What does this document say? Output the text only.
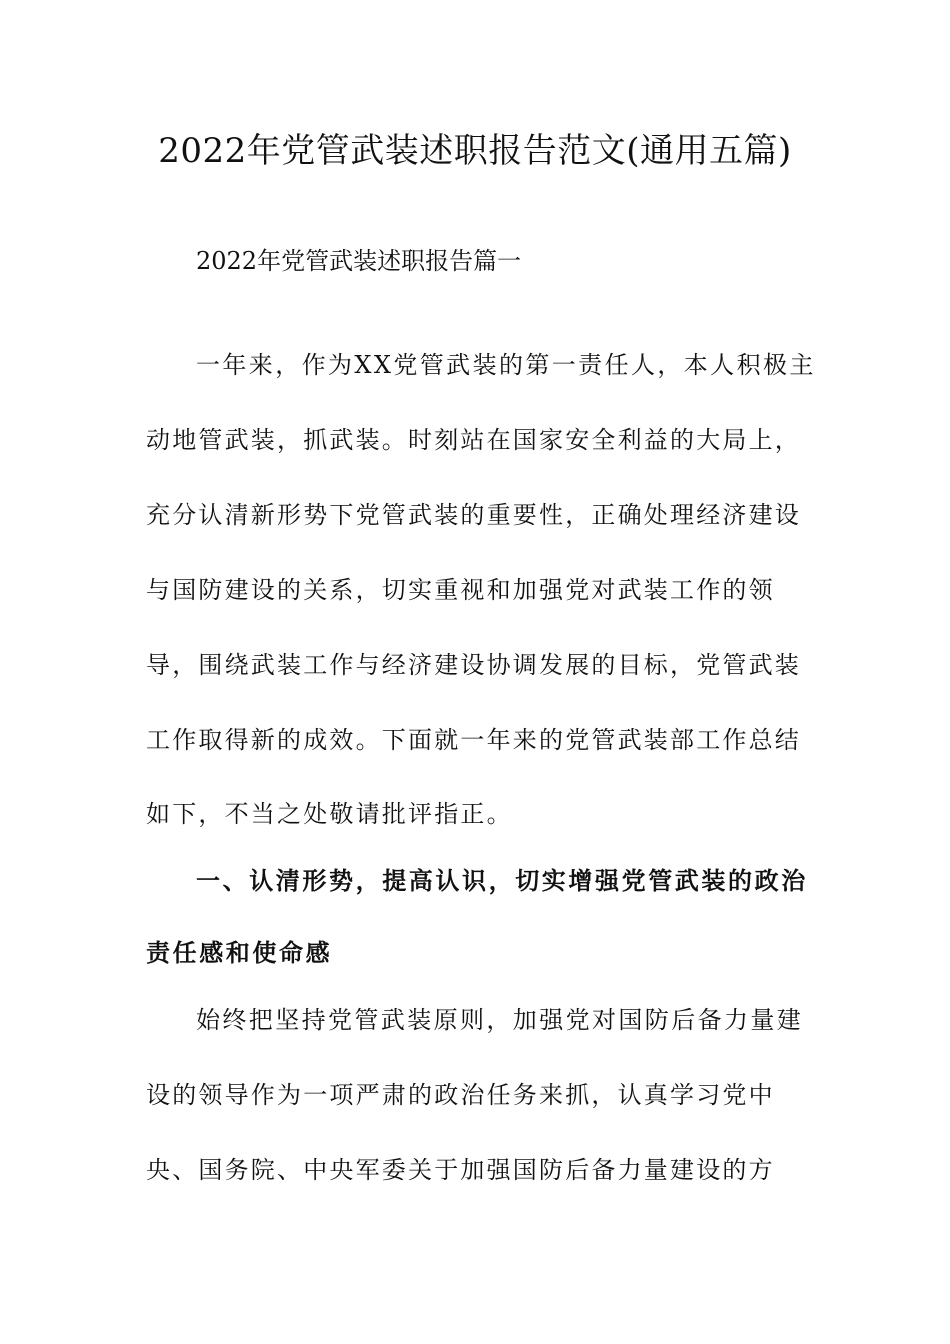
2022年党管武装述职报告范文(通用五篇)
2022年党管武装述职报告篇一

一年来，作为XX党管武装的第一责任人，本人积极主

动地管武装，抓武装。时刻站在国家安全利益的大局上，

充分认清新形势下党管武装的重要性，正确处理经济建设

与国防建设的关系，切实重视和加强党对武装工作的领

导，围绕武装工作与经济建设协调发展的目标，党管武装

工作取得新的成效。下面就一年来的党管武装部工作总结

如下，不当之处敬请批评指正。

一、认清形势，提高认识，切实增强党管武装的政治

责任感和使命感

始终把坚持党管武装原则，加强党对国防后备力量建

设的领导作为一项严肃的政治任务来抓，认真学习党中

央、国务院、中央军委关于加强国防后备力量建设的方
